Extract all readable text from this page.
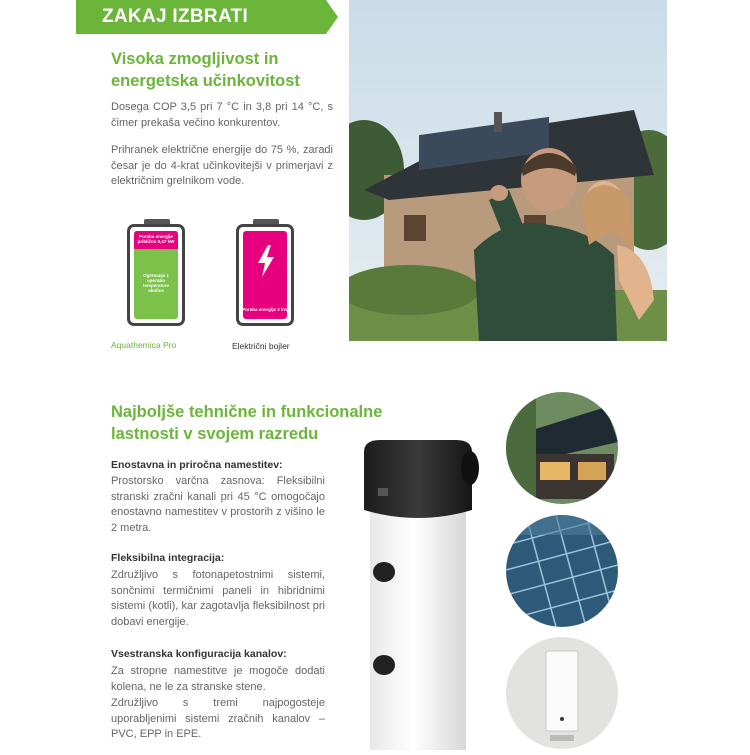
ZAKAJ IZBRATI
Visoka zmogljivost in
energetska učinkovitost
Dosega COP 3,5 pri 7 °C in 3,8 pri 14 °C, s čimer prekaša večino konkurentov.
Prihranek električne energije do 75 %, zaradi česar je do 4-krat učinkovitejši v primerjavi z električnim grelnikom vode.
Poraba energije približno 0,47 kW
Ogrevanje z uporabo temperature okolice
Aquathemica Pro
Poraba energije 2 kW
Električni bojler
Najboljše tehnične in funkcionalne
lastnosti v svojem razredu
Enostavna in priročna namestitev:
Prostorsko varčna zasnova: Fleksibilni stranski zračni kanali pri 45 °C omogočajo enostavno namestitev v prostorih z višino le 2 metra.
Fleksibilna integracija:
Združljivo s fotonapetostnimi sistemi, sončnimi termičnimi paneli in hibridnimi sistemi (kotli), kar zagotavlja fleksibilnost pri dobavi energije.
Vsestranska konfiguracija kanalov:
Za stropne namestitve je mogoče dodati kolena, ne le za stranske stene.
Združljivo s tremi najpogosteje uporabljenimi sistemi zračnih kanalov – PVC, EPP in EPE.
